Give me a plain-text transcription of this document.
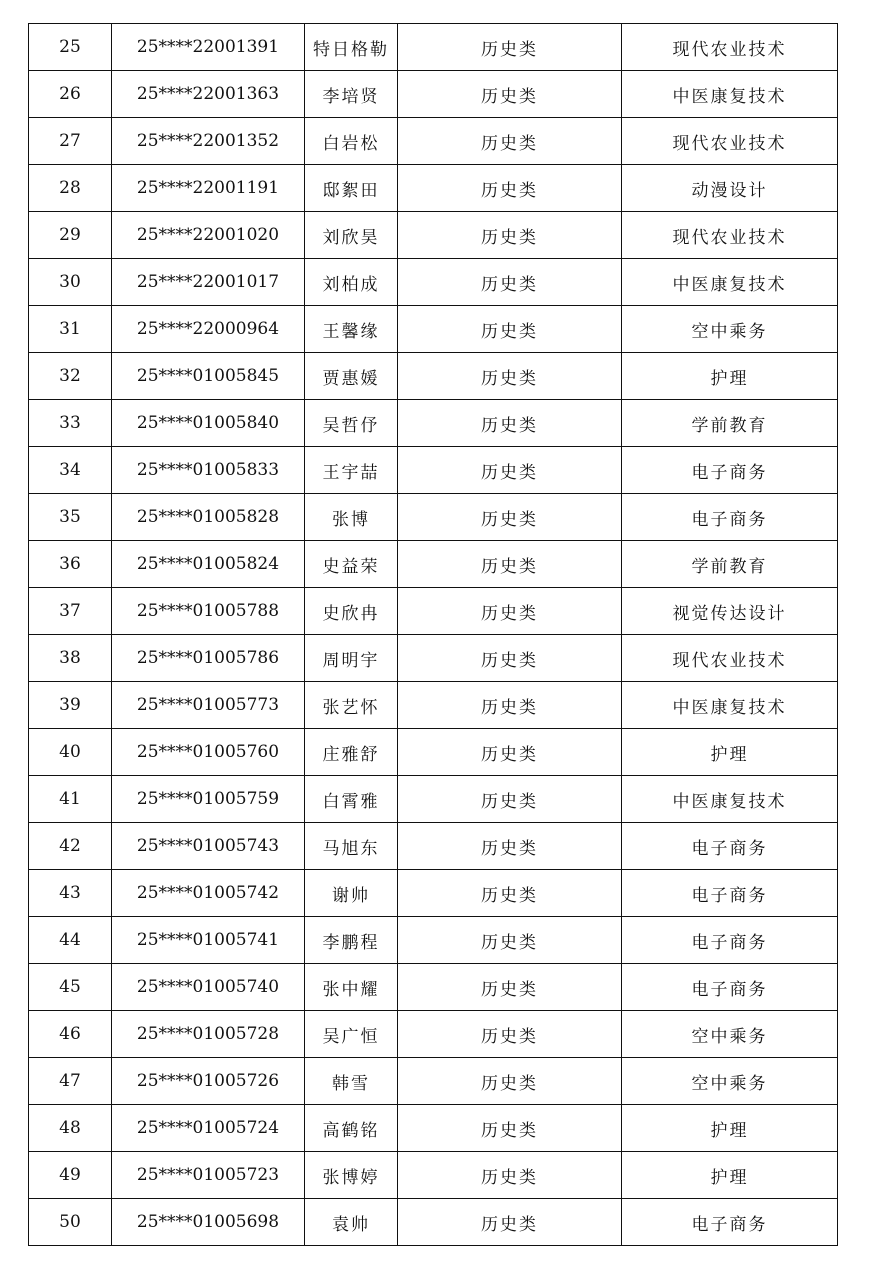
25	25****22001391	特日格勒	历史类	现代农业技术
26	25****22001363	李培贤	历史类	中医康复技术
27	25****22001352	白岩松	历史类	现代农业技术
28	25****22001191	邸絮田	历史类	动漫设计
29	25****22001020	刘欣昊	历史类	现代农业技术
30	25****22001017	刘柏成	历史类	中医康复技术
31	25****22000964	王馨缘	历史类	空中乘务
32	25****01005845	贾惠媛	历史类	护理
33	25****01005840	吴哲伃	历史类	学前教育
34	25****01005833	王宇喆	历史类	电子商务
35	25****01005828	张博	历史类	电子商务
36	25****01005824	史益荣	历史类	学前教育
37	25****01005788	史欣冉	历史类	视觉传达设计
38	25****01005786	周明宇	历史类	现代农业技术
39	25****01005773	张艺怀	历史类	中医康复技术
40	25****01005760	庄雅舒	历史类	护理
41	25****01005759	白霄雅	历史类	中医康复技术
42	25****01005743	马旭东	历史类	电子商务
43	25****01005742	谢帅	历史类	电子商务
44	25****01005741	李鹏程	历史类	电子商务
45	25****01005740	张中耀	历史类	电子商务
46	25****01005728	吴广恒	历史类	空中乘务
47	25****01005726	韩雪	历史类	空中乘务
48	25****01005724	高鹤铭	历史类	护理
49	25****01005723	张博婷	历史类	护理
50	25****01005698	袁帅	历史类	电子商务
